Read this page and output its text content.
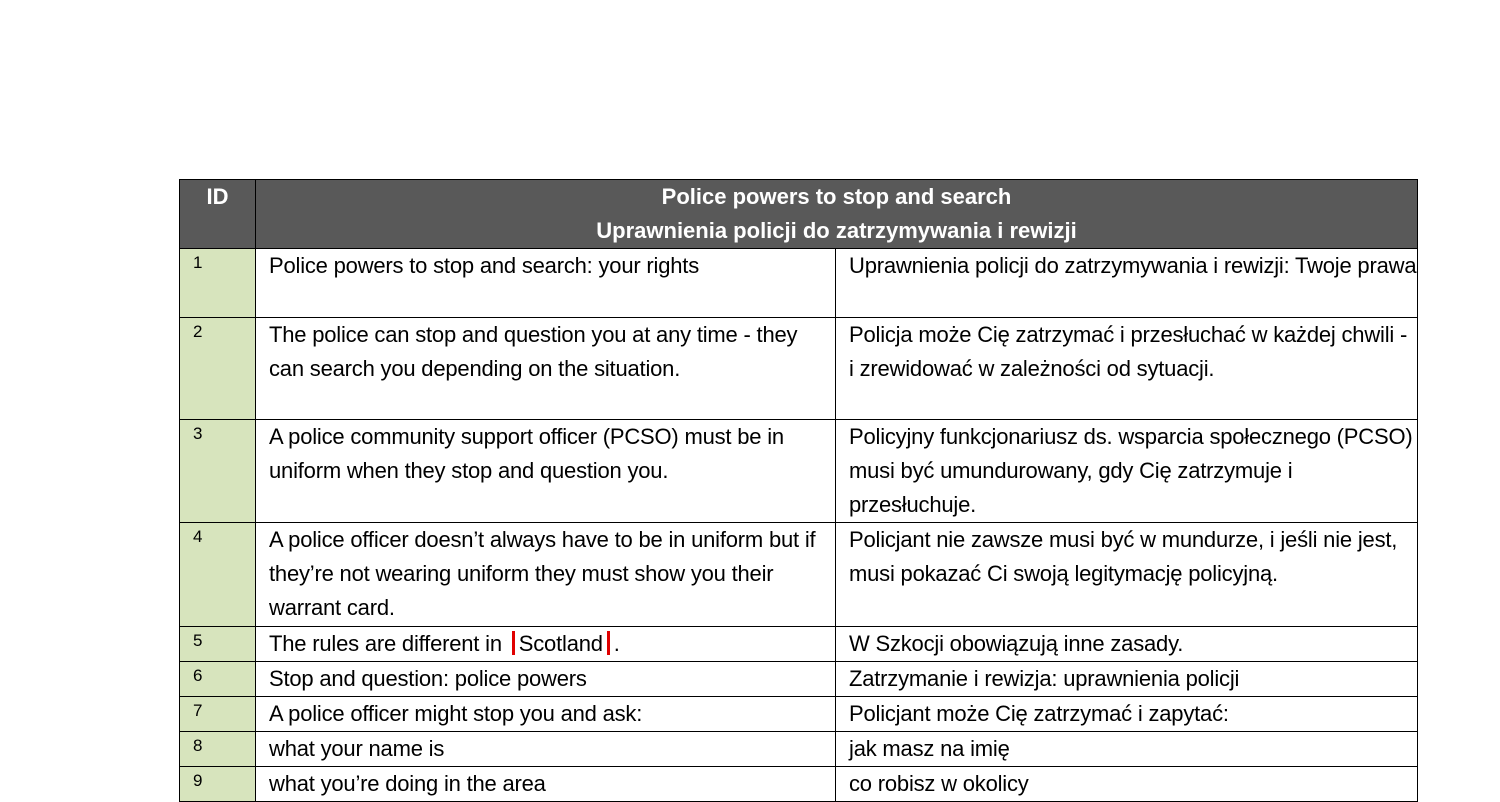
ID	Police powers to stop and search
Uprawnienia policji do zatrzymywania i rewizji	

1	Police powers to stop and search: your rights	Uprawnienia policji do zatrzymywania i rewizji: Twoje prawa
2	The police can stop and question you at any time - they can search you depending on the situation.	Policja może Cię zatrzymać i przesłuchać w każdej chwili - i zrewidować w zależności od sytuacji.
3	A police community support officer (PCSO) must be in uniform when they stop and question you.	Policyjny funkcjonariusz ds. wsparcia społecznego (PCSO) musi być umundurowany, gdy Cię zatrzymuje i przesłuchuje.
4	A police officer doesn’t always have to be in uniform but if they’re not wearing uniform they must show you their warrant card.	Policjant nie zawsze musi być w mundurze, i jeśli nie jest, musi pokazać Ci swoją legitymację policyjną.
5	The rules are different in Scotland .	W Szkocji obowiązują inne zasady.
6	Stop and question: police powers	Zatrzymanie i rewizja: uprawnienia policji
7	A police officer might stop you and ask:	Policjant może Cię zatrzymać i zapytać:
8	what your name is	jak masz na imię
9	what you’re doing in the area	co robisz w okolicy
